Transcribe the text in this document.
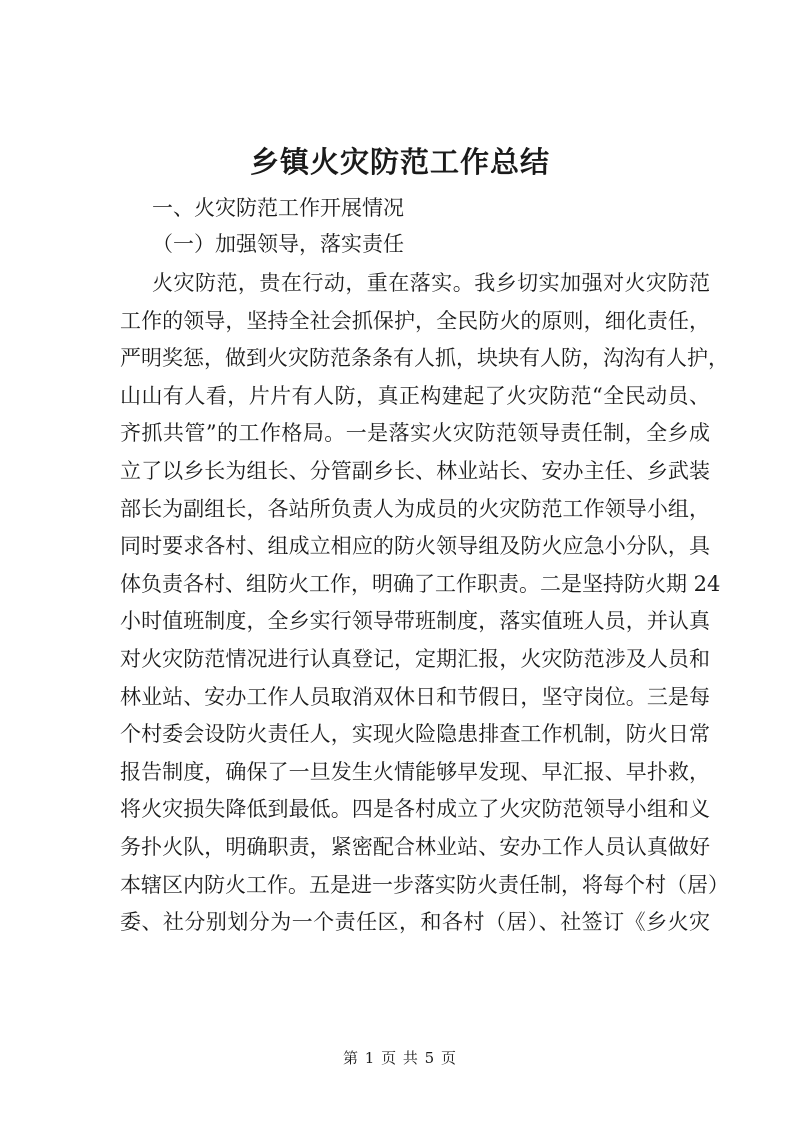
乡镇火灾防范工作总结
一、火灾防范工作开展情况
（一）加强领导，落实责任
火灾防范，贵在行动，重在落实。我乡切实加强对火灾防范
工作的领导，坚持全社会抓保护，全民防火的原则，细化责任，
严明奖惩，做到火灾防范条条有人抓，块块有人防，沟沟有人护，
山山有人看，片片有人防，真正构建起了火灾防范“全民动员、
齐抓共管”的工作格局。一是落实火灾防范领导责任制，全乡成
立了以乡长为组长、分管副乡长、林业站长、安办主任、乡武装
部长为副组长，各站所负责人为成员的火灾防范工作领导小组，
同时要求各村、组成立相应的防火领导组及防火应急小分队，具
体负责各村、组防火工作，明确了工作职责。二是坚持防火期 24
小时值班制度，全乡实行领导带班制度，落实值班人员，并认真
对火灾防范情况进行认真登记，定期汇报，火灾防范涉及人员和
林业站、安办工作人员取消双休日和节假日，坚守岗位。三是每
个村委会设防火责任人，实现火险隐患排查工作机制，防火日常
报告制度，确保了一旦发生火情能够早发现、早汇报、早扑救，
将火灾损失降低到最低。四是各村成立了火灾防范领导小组和义
务扑火队，明确职责，紧密配合林业站、安办工作人员认真做好
本辖区内防火工作。五是进一步落实防火责任制，将每个村（居）
委、社分别划分为一个责任区，和各村（居）、社签订《乡火灾
第 1 页 共 5 页
